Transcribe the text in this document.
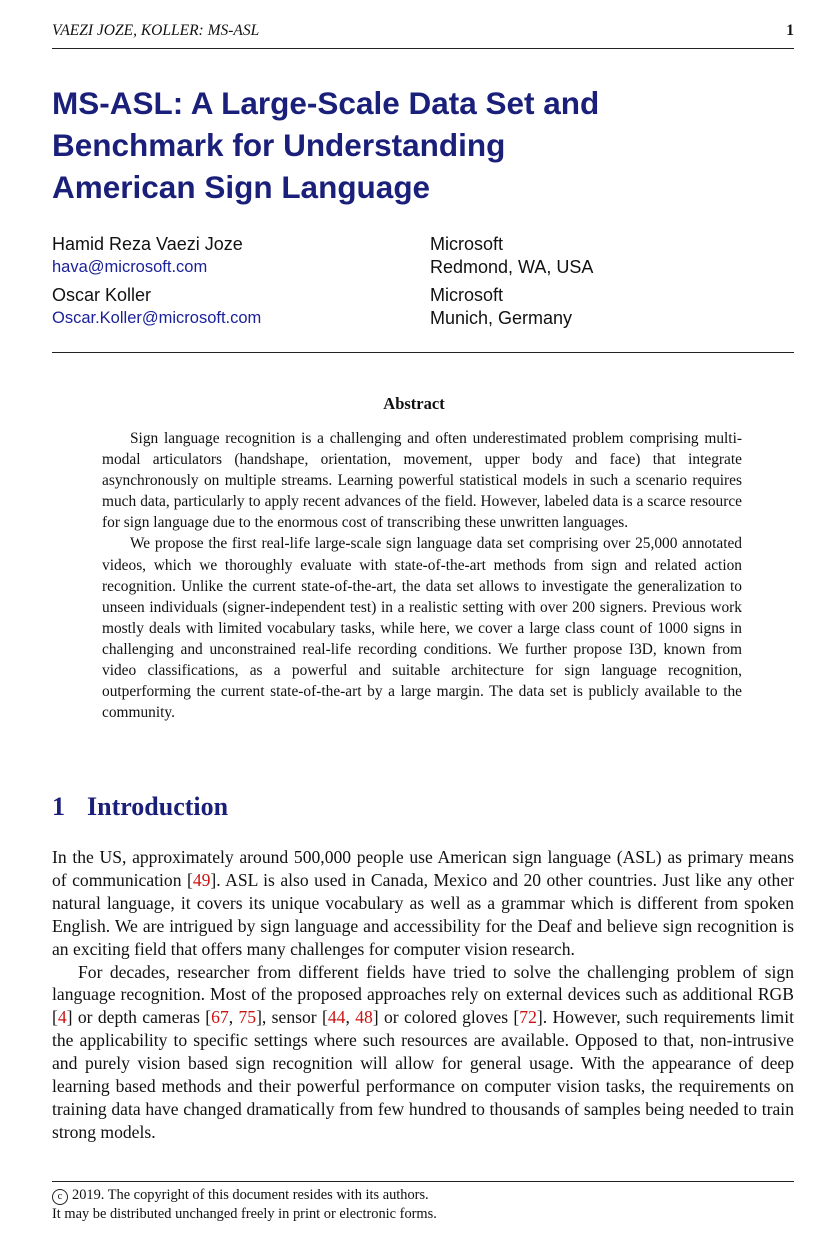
VAEZI JOZE, KOLLER: MS-ASL	1
MS-ASL: A Large-Scale Data Set and
Benchmark for Understanding
American Sign Language
Hamid Reza Vaezi Joze
hava@microsoft.com
Microsoft
Redmond, WA, USA
Oscar Koller
Oscar.Koller@microsoft.com
Microsoft
Munich, Germany
Abstract

Sign language recognition is a challenging and often underestimated problem comprising multi-modal articulators (handshape, orientation, movement, upper body and face) that integrate asynchronously on multiple streams. Learning powerful statistical models in such a scenario requires much data, particularly to apply recent advances of the field. However, labeled data is a scarce resource for sign language due to the enormous cost of transcribing these unwritten languages.

We propose the first real-life large-scale sign language data set comprising over 25,000 annotated videos, which we thoroughly evaluate with state-of-the-art methods from sign and related action recognition. Unlike the current state-of-the-art, the data set allows to investigate the generalization to unseen individuals (signer-independent test) in a realistic setting with over 200 signers. Previous work mostly deals with limited vocabulary tasks, while here, we cover a large class count of 1000 signs in challenging and unconstrained real-life recording conditions. We further propose I3D, known from video classifications, as a powerful and suitable architecture for sign language recognition, outperforming the current state-of-the-art by a large margin. The data set is publicly available to the community.

1 Introduction

In the US, approximately around 500,000 people use American sign language (ASL) as primary means of communication [49]. ASL is also used in Canada, Mexico and 20 other countries. Just like any other natural language, it covers its unique vocabulary as well as a grammar which is different from spoken English. We are intrigued by sign language and accessibility for the Deaf and believe sign recognition is an exciting field that offers many challenges for computer vision research.

For decades, researcher from different fields have tried to solve the challenging problem of sign language recognition. Most of the proposed approaches rely on external devices such as additional RGB [4] or depth cameras [67, 75], sensor [44, 48] or colored gloves [72]. However, such requirements limit the applicability to specific settings where such resources are available. Opposed to that, non-intrusive and purely vision based sign recognition will allow for general usage. With the appearance of deep learning based methods and their powerful performance on computer vision tasks, the requirements on training data have changed dramatically from few hundred to thousands of samples being needed to train strong models.

c 2019. The copyright of this document resides with its authors.
It may be distributed unchanged freely in print or electronic forms.
